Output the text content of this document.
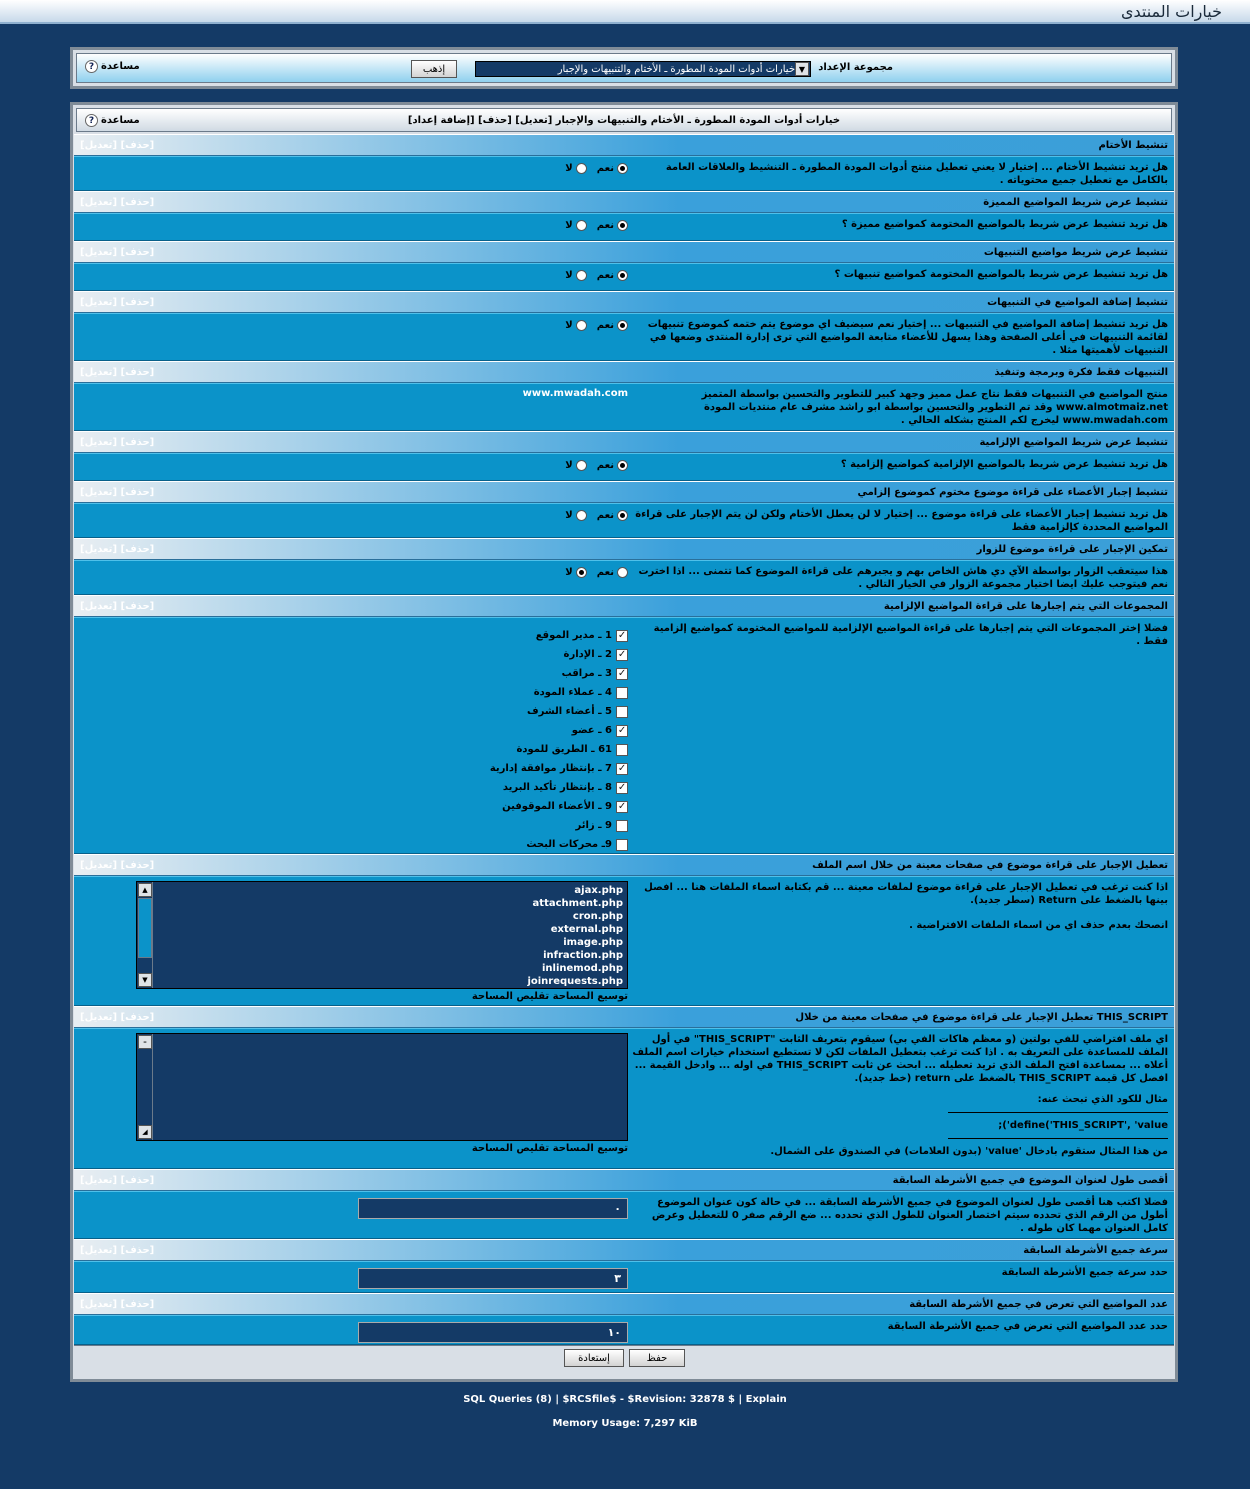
خيارات المنتدى
مجموعة الإعداد
خيارات أدوات المودة المطورة ـ الأختام والتنبيهات والإجبار ▼
إذهب
? مساعدة
خيارات أدوات المودة المطورة ـ الأختام والتنبيهات والإجبار [تعديل] [حذف] [إضافة إعداد]
? مساعدة
تنشيط الأختام
[تعديل] [حذف]
هل تريد تنشيط الأختام ... إختيار لا يعني تعطيل منتج أدوات المودة المطورة ـ التنشيط والعلاقات العامة بالكامل مع تعطيل جميع محتوياته .
نعم
لا
تنشيط عرض شريط المواضيع المميزة
[تعديل] [حذف]
هل تريد تنشيط عرض شريط بالمواضيع المختومة كمواضيع مميزة ؟
نعم
لا
تنشيط عرض شريط مواضيع التنبيهات
[تعديل] [حذف]
هل تريد تنشيط عرض شريط بالمواضيع المختومة كمواضيع تنبيهات ؟
نعم
لا
تنشيط إضافة المواضيع في التنبيهات
[تعديل] [حذف]
هل تريد تنشيط إضافة المواضيع في التنبيهات ... إختيار نعم سيضيف اي موضوع يتم ختمه كموضوع تنبيهات لقائمة التنبيهات في أعلى الصفحة وهذا يسهل للأعضاء متابعة المواضيع التي ترى إدارة المنتدى وضعها في التنبيهات لأهميتها مثلا .
نعم
لا
التنبيهات فقط فكرة وبرمجة وتنفيذ
[تعديل] [حذف]
منتج المواضيع في التنبيهات فقط نتاج عمل مميز وجهد كبير للتطوير والتحسين بواسطة المتميز www.almotmaiz.net وقد تم التطوير والتحسين بواسطة ابو راشد مشرف عام منتديات المودة www.mwadah.com ليخرج لكم المنتج بشكله الحالي .
www.mwadah.com
تنشيط عرض شريط المواضيع الإلزامية
[تعديل] [حذف]
هل تريد تنشيط عرض شريط بالمواضيع الإلزامية كمواضيع إلزامية ؟
نعم
لا
تنشيط إجبار الأعضاء على قراءة موضوع مختوم كموضوع إلزامي
[تعديل] [حذف]
هل تريد تنشيط إجبار الأعضاء على قراءة موضوع ... إختيار لا لن يعطل الأختام ولكن لن يتم الإجبار على قراءة المواضيع المحددة كإلزامية فقط
نعم
لا
تمكين الإجبار على قراءة موضوع للزوار
[تعديل] [حذف]
هذا سيتعقب الزوار بواسطة الآي دي هاش الخاص بهم و يجبرهم على قراءة الموضوع كما تتمنى ... اذا اخترت نعم فيتوجب عليك ايضا اختيار مجموعة الزوار في الخيار التالي .
نعم
لا
المجموعات التي يتم إجبارها على قراءة المواضيع الإلزامية
[تعديل] [حذف]
فضلا إختر المجموعات التي يتم إجبارها على قراءة المواضيع الإلزامية للمواضيع المختومة كمواضيع إلزامية فقط .
✓
1 ـ مدير الموقع
✓
2 ـ الإدارة
✓
3 ـ مراقب
4 ـ عملاء المودة
5 ـ أعضاء الشرف
✓
6 ـ عضو
61 ـ الطريق للمودة
✓
7 ـ بإنتظار موافقة إدارية
✓
8 ـ بإنتظار تأكيد البريد
✓
9 ـ الأعضاء الموقوفين
9 ـ زائر
9ـ محركات البحث
تعطيل الإجبار على قراءة موضوع في صفحات معينة من خلال اسم الملف
[تعديل] [حذف]
اذا كنت ترغب في تعطيل الإجبار على قراءة موضوع لملفات معينة ... قم بكتابة اسماء الملفات هنا ... افصل بينها بالضغط على Return (سطر جديد).
انصحك بعدم حذف اي من اسماء الملفات الافتراضية .
ajax.php
attachment.php
cron.php
external.php
image.php
infraction.php
inlinemod.php
joinrequests.php
▲
▼
توسيع المساحة تقليص المساحة
تعطيل الإجبار على قراءة موضوع في صفحات معينة من خلال THIS_SCRIPT
[تعديل] [حذف]
اي ملف افتراضي للفي بولتين (و معظم هاكات الفي بي) سيقوم بتعريف الثابت "THIS_SCRIPT" في أول الملف للمساعدة على التعريف به . اذا كنت ترغب بتعطيل الملفات لكن لا تستطيع استخدام خيارات اسم الملف أعلاه ... بمساعدة افتح الملف الذي تريد تعطيله ... ابحث عن ثابت THIS_SCRIPT في اوله ... وادخل القيمة ... افصل كل قيمة THIS_SCRIPT بالضغط على return (خط جديد).
مثال للكود الذي تبحث عنه:
;('define('THIS_SCRIPT', 'value
من هذا المثال ستقوم بادخال 'value' (بدون العلامات) في الصندوق على الشمال.
–
◢
توسيع المساحة تقليص المساحة
أقصى طول لعنوان الموضوع في جميع الأشرطة السابقة
[تعديل] [حذف]
فضلا اكتب هنا أقصى طول لعنوان الموضوع في جميع الأشرطة السابقة ... في حالة كون عنوان الموضوع أطول من الرقم الذي تحدده سيتم اختصار العنوان للطول الذي تحدده ... ضع الرقم صفر 0 للتعطيل وعرض كامل العنوان مهما كان طوله .
٠
سرعة جميع الأشرطة السابقة
[تعديل] [حذف]
حدد سرعة جميع الأشرطة السابقة
٣
عدد المواضيع التي تعرض في جميع الأشرطة السابقة
[تعديل] [حذف]
حدد عدد المواضيع التي تعرض في جميع الأشرطة السابقة
١٠
حفظ
إستعادة
SQL Queries (8) | $RCSfile$ - $Revision: 32878 $ | Explain
Memory Usage: 7,297 KiB
